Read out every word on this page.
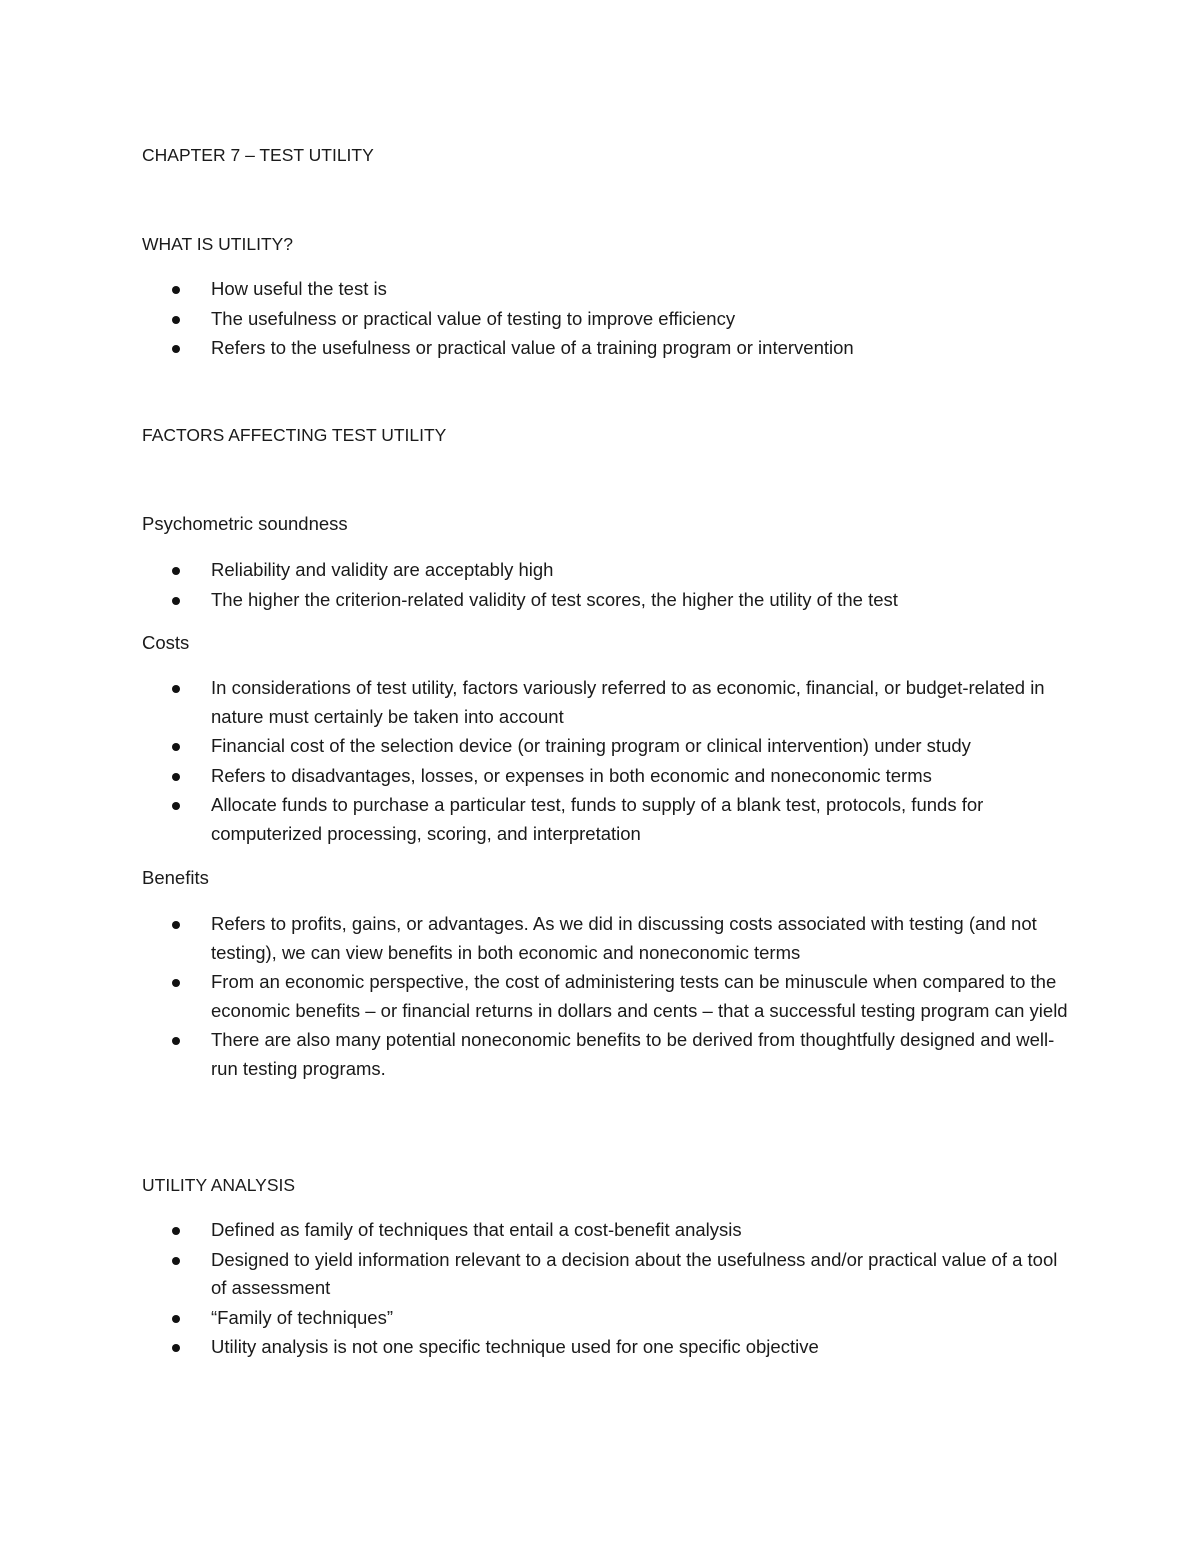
CHAPTER 7 – TEST UTILITY
WHAT IS UTILITY?
How useful the test is
The usefulness or practical value of testing to improve efficiency
Refers to the usefulness or practical value of a training program or intervention
FACTORS AFFECTING TEST UTILITY
Psychometric soundness
Reliability and validity are acceptably high
The higher the criterion-related validity of test scores, the higher the utility of the test
Costs
In considerations of test utility, factors variously referred to as economic, financial, or budget-related in nature must certainly be taken into account
Financial cost of the selection device (or training program or clinical intervention) under study
Refers to disadvantages, losses, or expenses in both economic and noneconomic terms
Allocate funds to purchase a particular test, funds to supply of a blank test, protocols, funds for computerized processing, scoring, and interpretation
Benefits
Refers to profits, gains, or advantages. As we did in discussing costs associated with testing (and not testing), we can view benefits in both economic and noneconomic terms
From an economic perspective, the cost of administering tests can be minuscule when compared to the economic benefits – or financial returns in dollars and cents – that a successful testing program can yield
There are also many potential noneconomic benefits to be derived from thoughtfully designed and well-run testing programs.
UTILITY ANALYSIS
Defined as family of techniques that entail a cost-benefit analysis
Designed to yield information relevant to a decision about the usefulness and/or practical value of a tool of assessment
“Family of techniques”
Utility analysis is not one specific technique used for one specific objective
